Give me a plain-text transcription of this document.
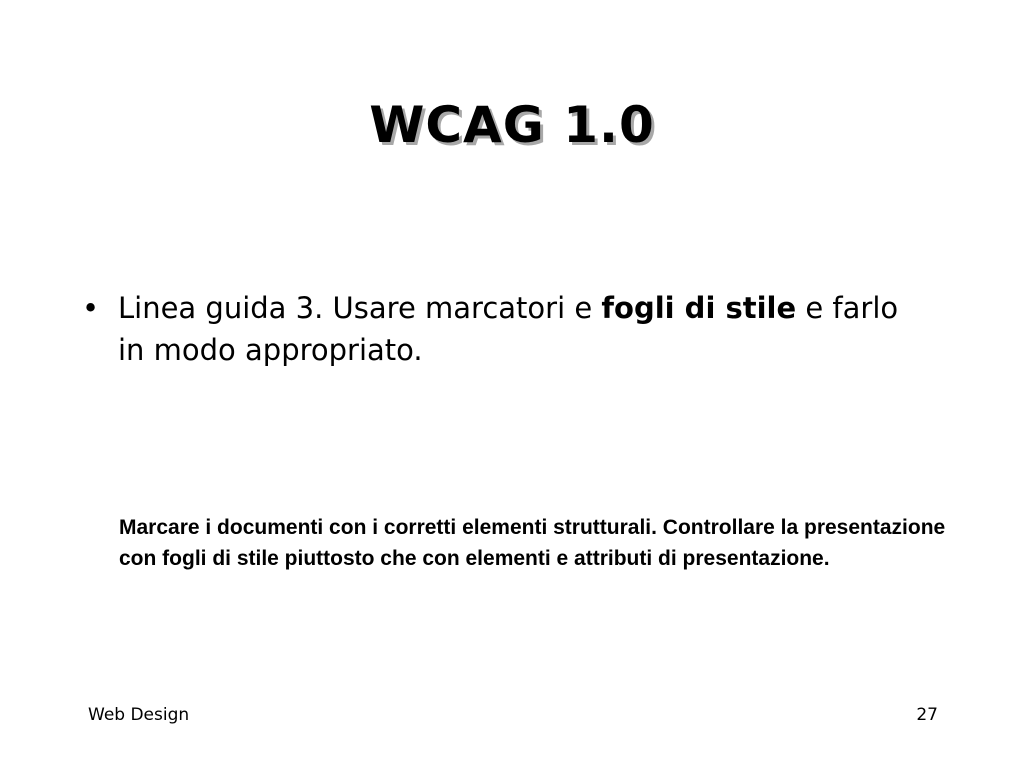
WCAG 1.0
• Linea guida 3. Usare marcatori e fogli di stile e farlo in modo appropriato.
Marcare i documenti con i corretti elementi strutturali. Controllare la presentazione con fogli di stile piuttosto che con elementi e attributi di presentazione.
Web Design	27
